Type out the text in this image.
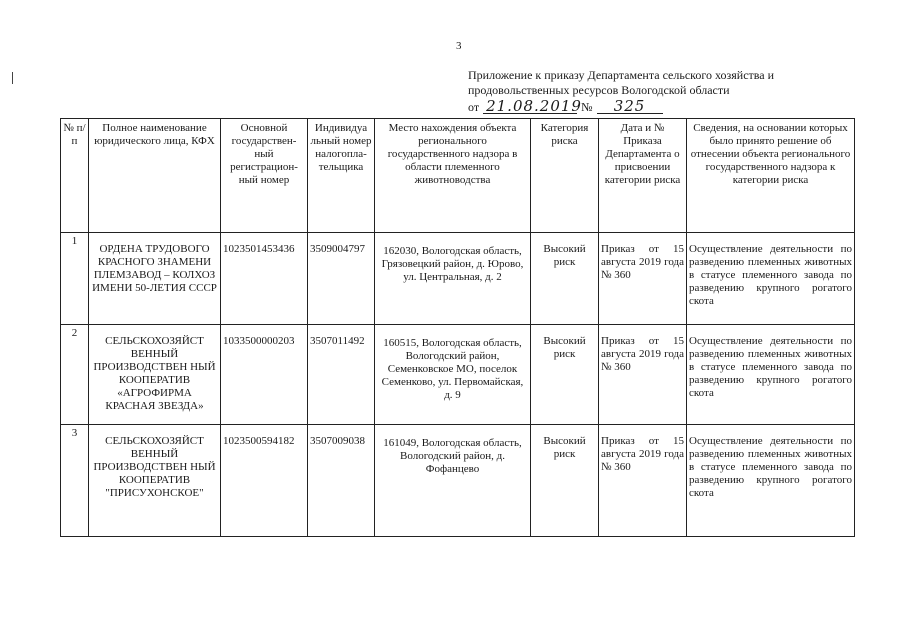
3
Приложение к приказу Департамента сельского хозяйства и
продовольственных ресурсов Вологодской области
от 21.08.2019 №	325
№ п/п	Полное наименование юридического лица, КФХ	Основной государствен-ный регистрацион-ный номер	Индивидуа льный номер налогопла-тельщика	Место нахождения объекта регионального государственного надзора в области племенного животноводства	Категория риска	Дата и № Приказа Департамента о присвоении категории риска	Сведения, на основании которых было принято решение об отнесении объекта регионального государственного надзора к категории риска
1	ОРДЕНА ТРУДОВОГО КРАСНОГО ЗНАМЕНИ ПЛЕМЗАВОД – КОЛХОЗ ИМЕНИ 50-ЛЕТИЯ СССР	1023501453436	3509004797	162030, Вологодская область, Грязовецкий район, д. Юрово, ул. Центральная, д. 2	Высокий риск	Приказ от 15 августа 2019 года № 360	Осуществление деятельности по разведению племенных животных в статусе племенного завода по разведению крупного рогатого скота
2	СЕЛЬСКОХОЗЯЙСТ ВЕННЫЙ ПРОИЗВОДСТВЕН НЫЙ КООПЕРАТИВ «АГРОФИРМА КРАСНАЯ ЗВЕЗДА»	1033500000203	3507011492	160515, Вологодская область, Вологодский район, Семенковское МО, поселок Семенково, ул. Первомайская, д. 9	Высокий риск	Приказ от 15 августа 2019 года № 360	Осуществление деятельности по разведению племенных животных в статусе племенного завода по разведению крупного рогатого скота
3	СЕЛЬСКОХОЗЯЙСТ ВЕННЫЙ ПРОИЗВОДСТВЕН НЫЙ КООПЕРАТИВ "ПРИСУХОНСКОЕ"	1023500594182	3507009038	161049, Вологодская область, Вологодский район, д. Фофанцево	Высокий риск	Приказ от 15 августа 2019 года № 360	Осуществление деятельности по разведению племенных животных в статусе племенного завода по разведению крупного рогатого скота
